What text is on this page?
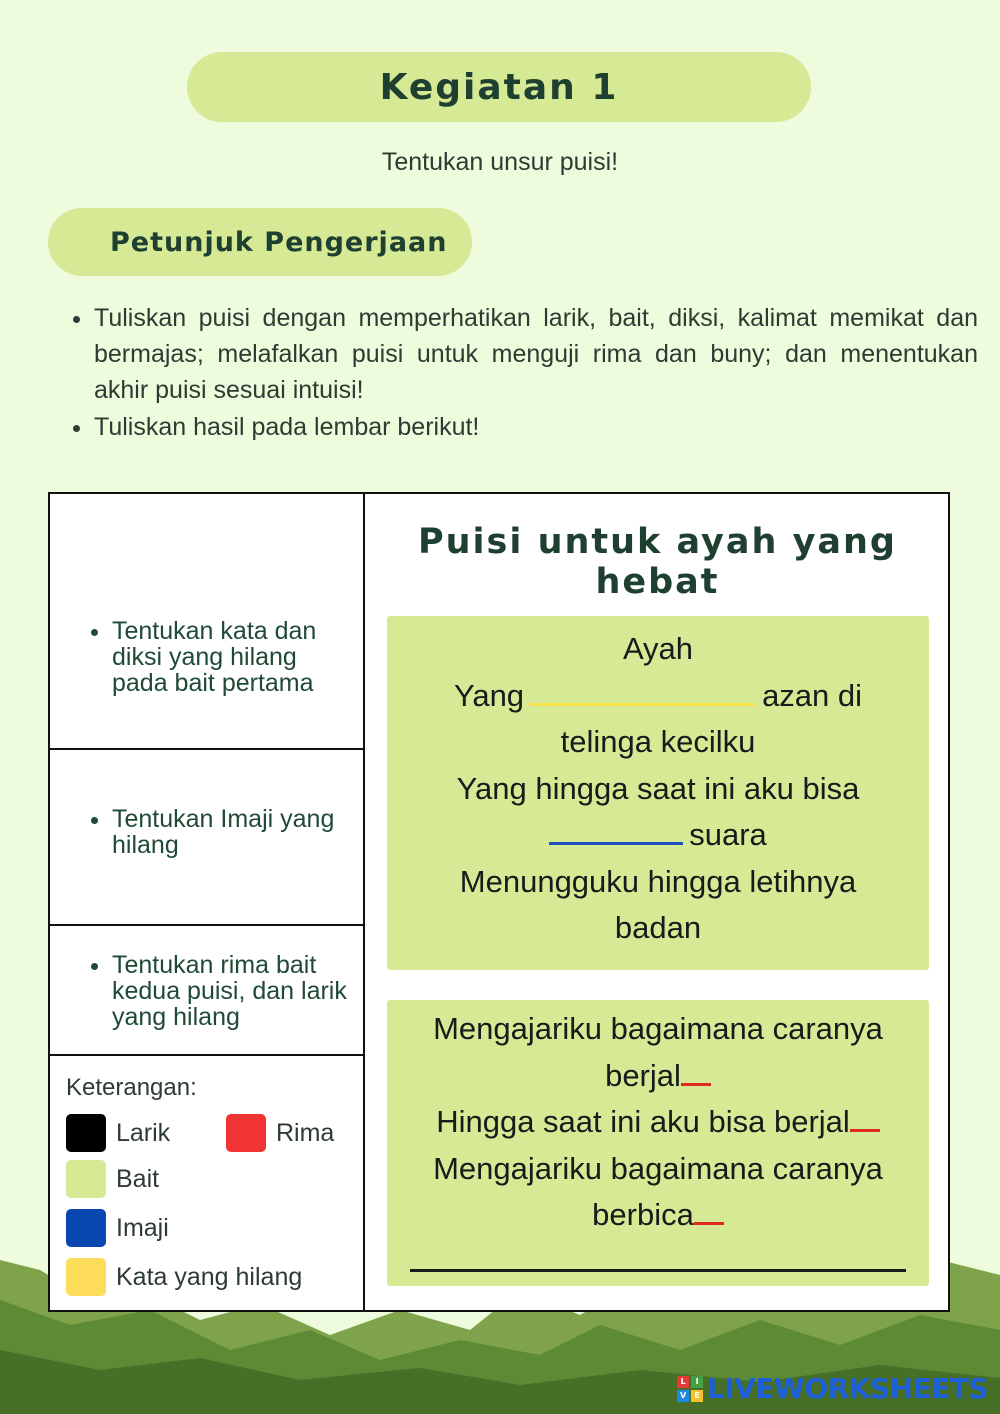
Kegiatan 1
Tentukan unsur puisi!
Petunjuk Pengerjaan
• Tuliskan puisi dengan memperhatikan larik, bait, diksi, kalimat memikat dan bermajas; melafalkan puisi untuk menguji rima dan buny; dan menentukan akhir puisi sesuai intuisi!
• Tuliskan hasil pada lembar berikut!
• Tentukan kata dan diksi yang hilang pada bait pertama
• Tentukan Imaji yang hilang
• Tentukan rima bait kedua puisi, dan larik yang hilang
Keterangan:
Larik	Rima
Bait
Imaji
Kata yang hilang
Puisi untuk ayah yang hebat
Ayah
Yang	azan di
telinga kecilku
Yang hingga saat ini aku bisa
suara
Menungguku hingga letihnya
badan
Mengajariku bagaimana caranya
berjal
Hingga saat ini aku bisa berjal
Mengajariku bagaimana caranya
berbica
L	I
V	E LIVEWORKSHEETS
